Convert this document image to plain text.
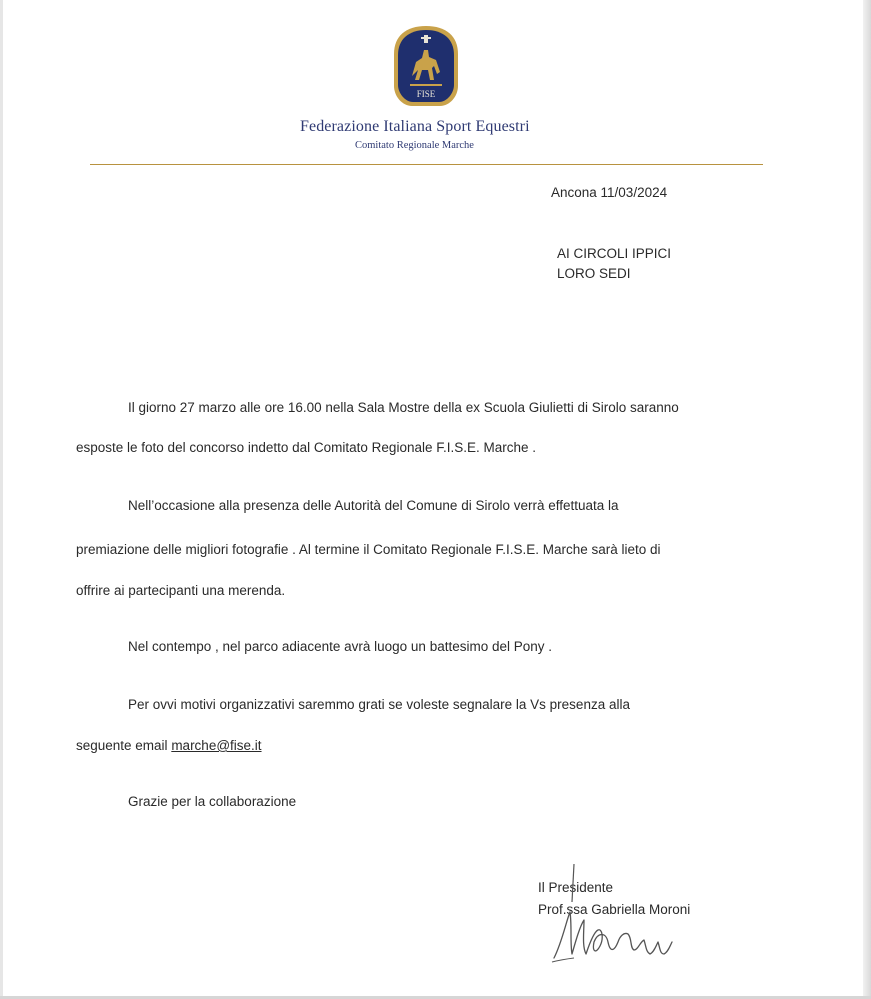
FISE
Federazione Italiana Sport Equestri
Comitato Regionale Marche
Ancona 11/03/2024
AI CIRCOLI IPPICI
LORO SEDI
Il giorno 27 marzo alle ore 16.00 nella Sala Mostre della ex Scuola Giulietti di Sirolo saranno
esposte le foto del concorso indetto dal Comitato Regionale F.I.S.E. Marche .
Nell’occasione alla presenza delle Autorità del Comune di Sirolo verrà effettuata la
premiazione delle migliori fotografie . Al termine il Comitato Regionale F.I.S.E. Marche sarà lieto di
offrire ai partecipanti una merenda.
Nel contempo , nel parco adiacente avrà luogo un battesimo del Pony .
Per ovvi motivi organizzativi saremmo grati se voleste segnalare la Vs presenza alla
seguente email marche@fise.it
Grazie per la collaborazione
Il Presidente
Prof.ssa Gabriella Moroni
